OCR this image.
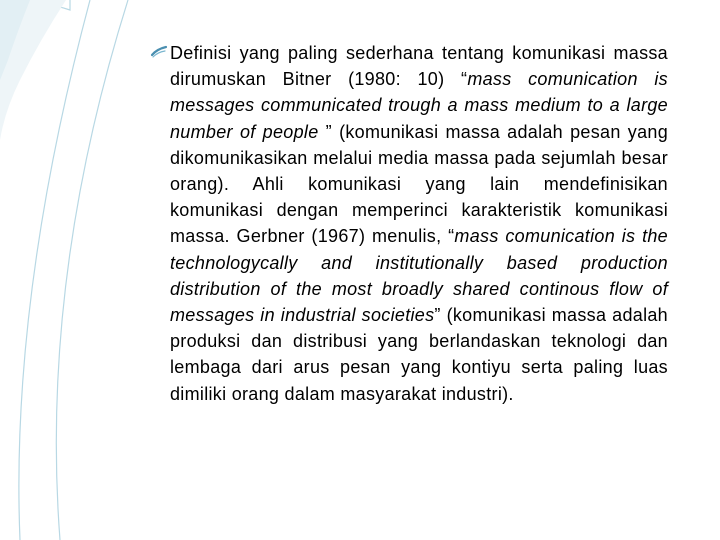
Definisi yang paling sederhana tentang komunikasi massa dirumuskan Bitner (1980: 10) “mass comunication is messages communicated trough a mass medium to a large number of people ” (komunikasi massa adalah pesan yang dikomunikasikan melalui media massa pada sejumlah besar orang). Ahli komunikasi yang lain mendefinisikan komunikasi dengan memperinci karakteristik komunikasi massa. Gerbner (1967) menulis, “mass comunication is the technologycally and institutionally based production distribution of the most broadly shared continous flow of messages in industrial societies” (komunikasi massa adalah produksi dan distribusi yang berlandaskan teknologi dan lembaga dari arus pesan yang kontiyu serta paling luas dimiliki orang dalam masyarakat industri).
